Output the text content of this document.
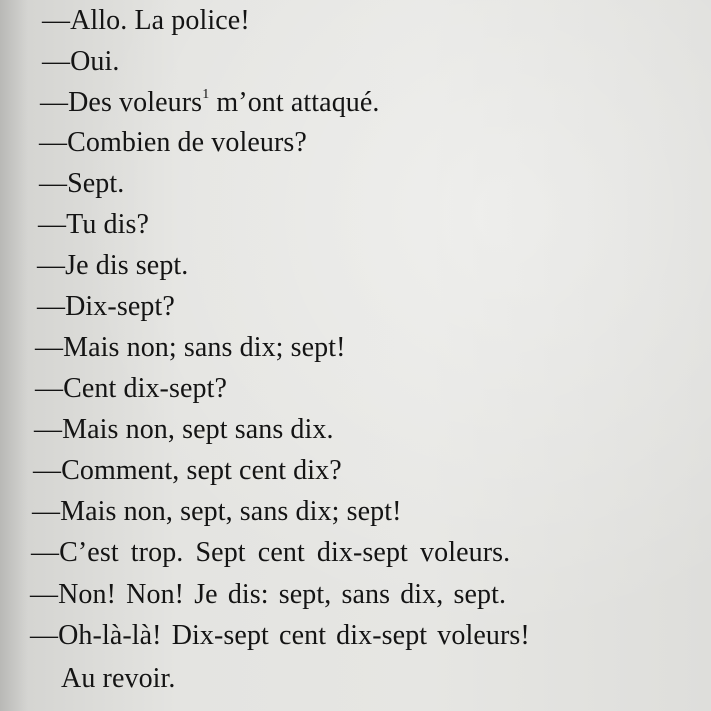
—Allo. La police!
—Oui.
—Des voleurs$^1$ m’ont attaqué.
—Combien de voleurs?
—Sept.
—Tu dis?
—Je dis sept.
—Dix-sept?
—Mais non; sans dix; sept!
—Cent dix-sept?
—Mais non, sept sans dix.
—Comment, sept cent dix?
—Mais non, sept, sans dix; sept!
—C’est trop. Sept cent dix-sept voleurs.
—Non! Non! Je dis: sept, sans dix, sept.
—Oh-là-là! Dix-sept cent dix-sept voleurs!
Au revoir.
